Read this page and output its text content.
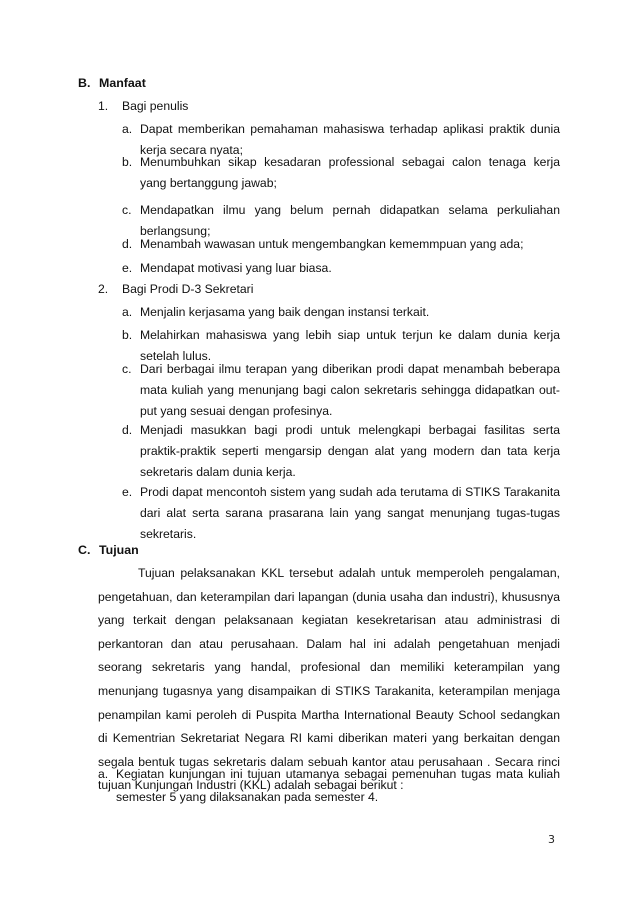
B. Manfaat
1. Bagi penulis
a. Dapat memberikan pemahaman mahasiswa terhadap aplikasi praktik dunia kerja secara nyata;
b. Menumbuhkan sikap kesadaran professional sebagai calon tenaga kerja yang bertanggung jawab;
c. Mendapatkan ilmu yang belum pernah didapatkan selama perkuliahan berlangsung;
d. Menambah wawasan untuk mengembangkan kememmpuan yang ada;
e. Mendapat motivasi yang luar biasa.
2. Bagi Prodi D-3 Sekretari
a. Menjalin kerjasama yang baik dengan instansi terkait.
b. Melahirkan mahasiswa yang lebih siap untuk terjun ke dalam dunia kerja setelah lulus.
c. Dari berbagai ilmu terapan yang diberikan prodi dapat menambah beberapa mata kuliah yang menunjang bagi calon sekretaris sehingga didapatkan out-put yang sesuai dengan profesinya.
d. Menjadi masukkan bagi prodi untuk melengkapi berbagai fasilitas serta praktik-praktik seperti mengarsip dengan alat yang modern dan tata kerja sekretaris dalam dunia kerja.
e. Prodi dapat mencontoh sistem yang sudah ada terutama di STIKS Tarakanita dari alat serta sarana prasarana lain yang sangat menunjang tugas-tugas sekretaris.
C. Tujuan
Tujuan pelaksanakan KKL tersebut adalah untuk memperoleh pengalaman, pengetahuan, dan keterampilan dari lapangan (dunia usaha dan industri), khususnya yang terkait dengan pelaksanaan kegiatan kesekretarisan atau administrasi di perkantoran dan atau perusahaan. Dalam hal ini adalah pengetahuan menjadi seorang sekretaris yang handal, profesional dan memiliki keterampilan yang menunjang tugasnya yang disampaikan di STIKS Tarakanita, keterampilan menjaga penampilan kami peroleh di Puspita Martha International Beauty School sedangkan di Kementrian Sekretariat Negara RI kami diberikan materi yang berkaitan dengan segala bentuk tugas sekretaris dalam sebuah kantor atau perusahaan . Secara rinci tujuan Kunjungan Industri (KKL) adalah sebagai berikut :
a. Kegiatan kunjungan ini tujuan utamanya sebagai pemenuhan tugas mata kuliah semester 5 yang dilaksanakan pada semester 4.
3
